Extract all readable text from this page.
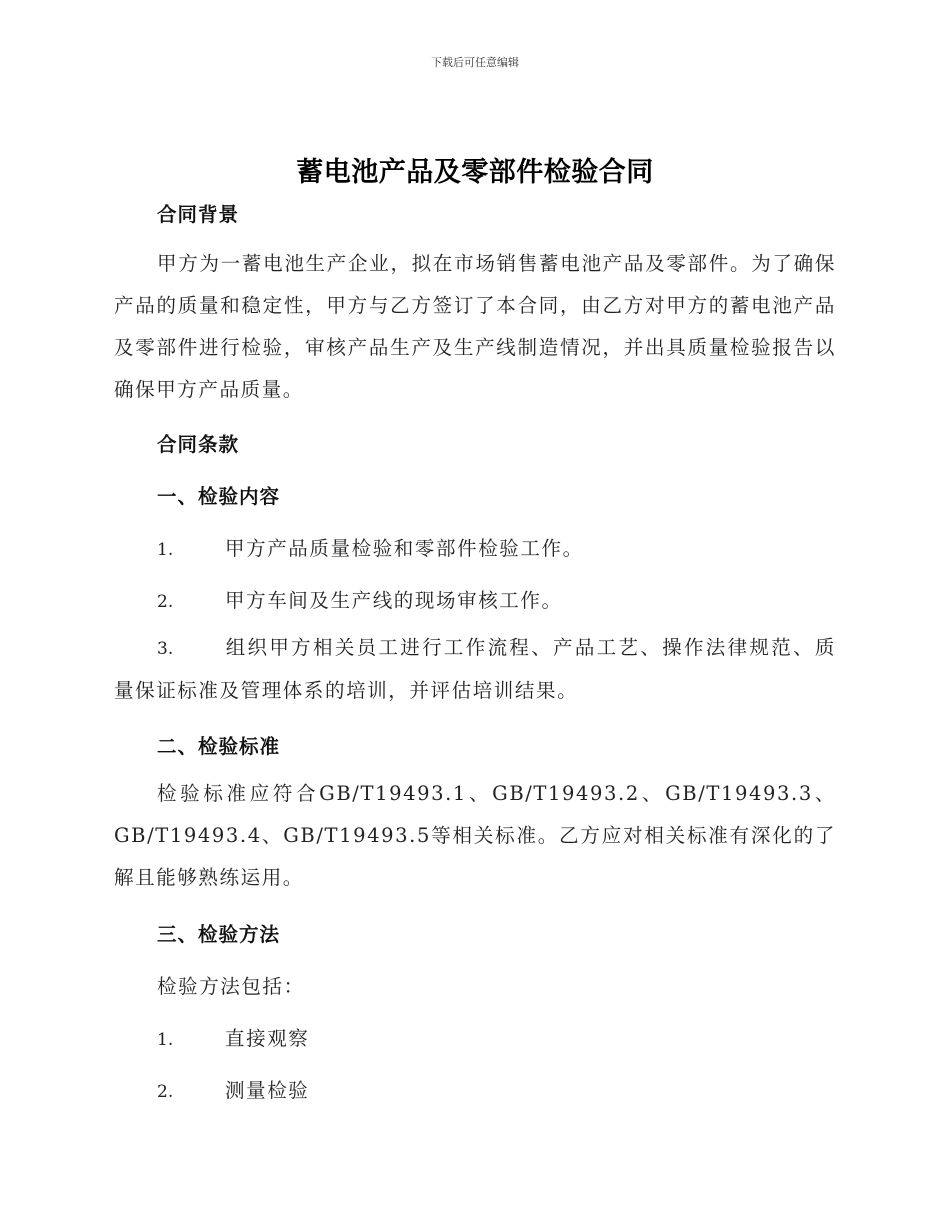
下载后可任意编辑
蓄电池产品及零部件检验合同
合同背景
甲方为一蓄电池生产企业，拟在市场销售蓄电池产品及零部件。为了确保产品的质量和稳定性，甲方与乙方签订了本合同，由乙方对甲方的蓄电池产品及零部件进行检验，审核产品生产及生产线制造情况，并出具质量检验报告以确保甲方产品质量。
合同条款
一、检验内容
1.	甲方产品质量检验和零部件检验工作。
2.	甲方车间及生产线的现场审核工作。
3.	组织甲方相关员工进行工作流程、产品工艺、操作法律规范、质量保证标准及管理体系的培训，并评估培训结果。
二、检验标准
检验标准应符合GB/T19493.1、GB/T19493.2、GB/T19493.3、GB/T19493.4、GB/T19493.5等相关标准。乙方应对相关标准有深化的了解且能够熟练运用。
三、检验方法
检验方法包括：
1.	直接观察
2.	测量检验
